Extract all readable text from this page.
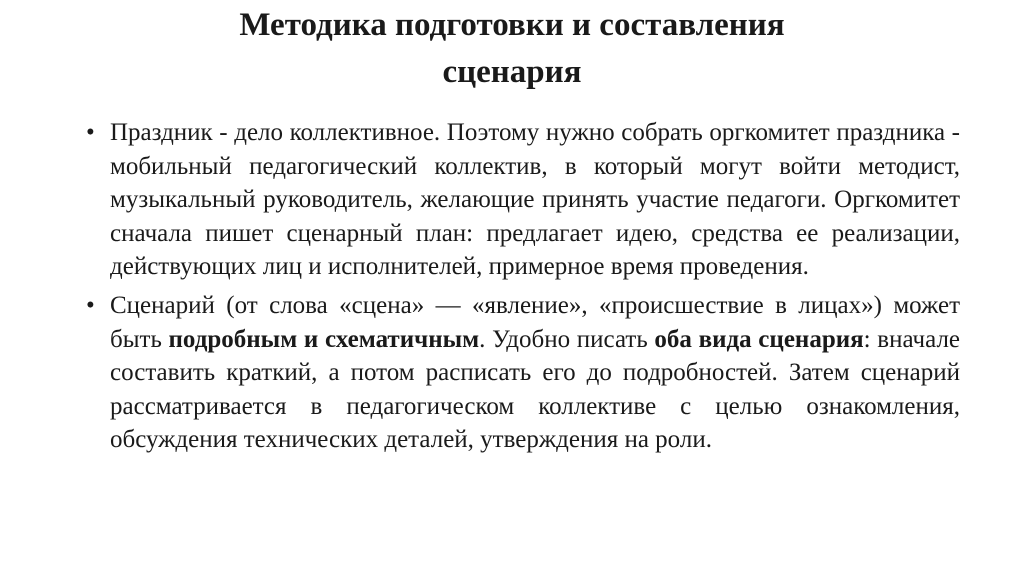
Методика подготовки и составления
сценария
• Праздник - дело коллективное. Поэтому нужно собрать оргкомитет праздника - мобильный педагогический коллектив, в который могут войти методист, музыкальный руководитель, желающие принять участие педагоги. Оргкомитет сначала пишет сценарный план: предлагает идею, средства ее реализации, действующих лиц и исполнителей, примерное время проведения.
• Сценарий (от слова «сцена» — «явление», «происшествие в лицах») может быть подробным и схематичным. Удобно писать оба вида сценария: вначале составить краткий, а потом расписать его до подробностей. Затем сценарий рассматривается в педагогическом коллективе с целью ознакомления, обсуждения технических деталей, утверждения на роли.
